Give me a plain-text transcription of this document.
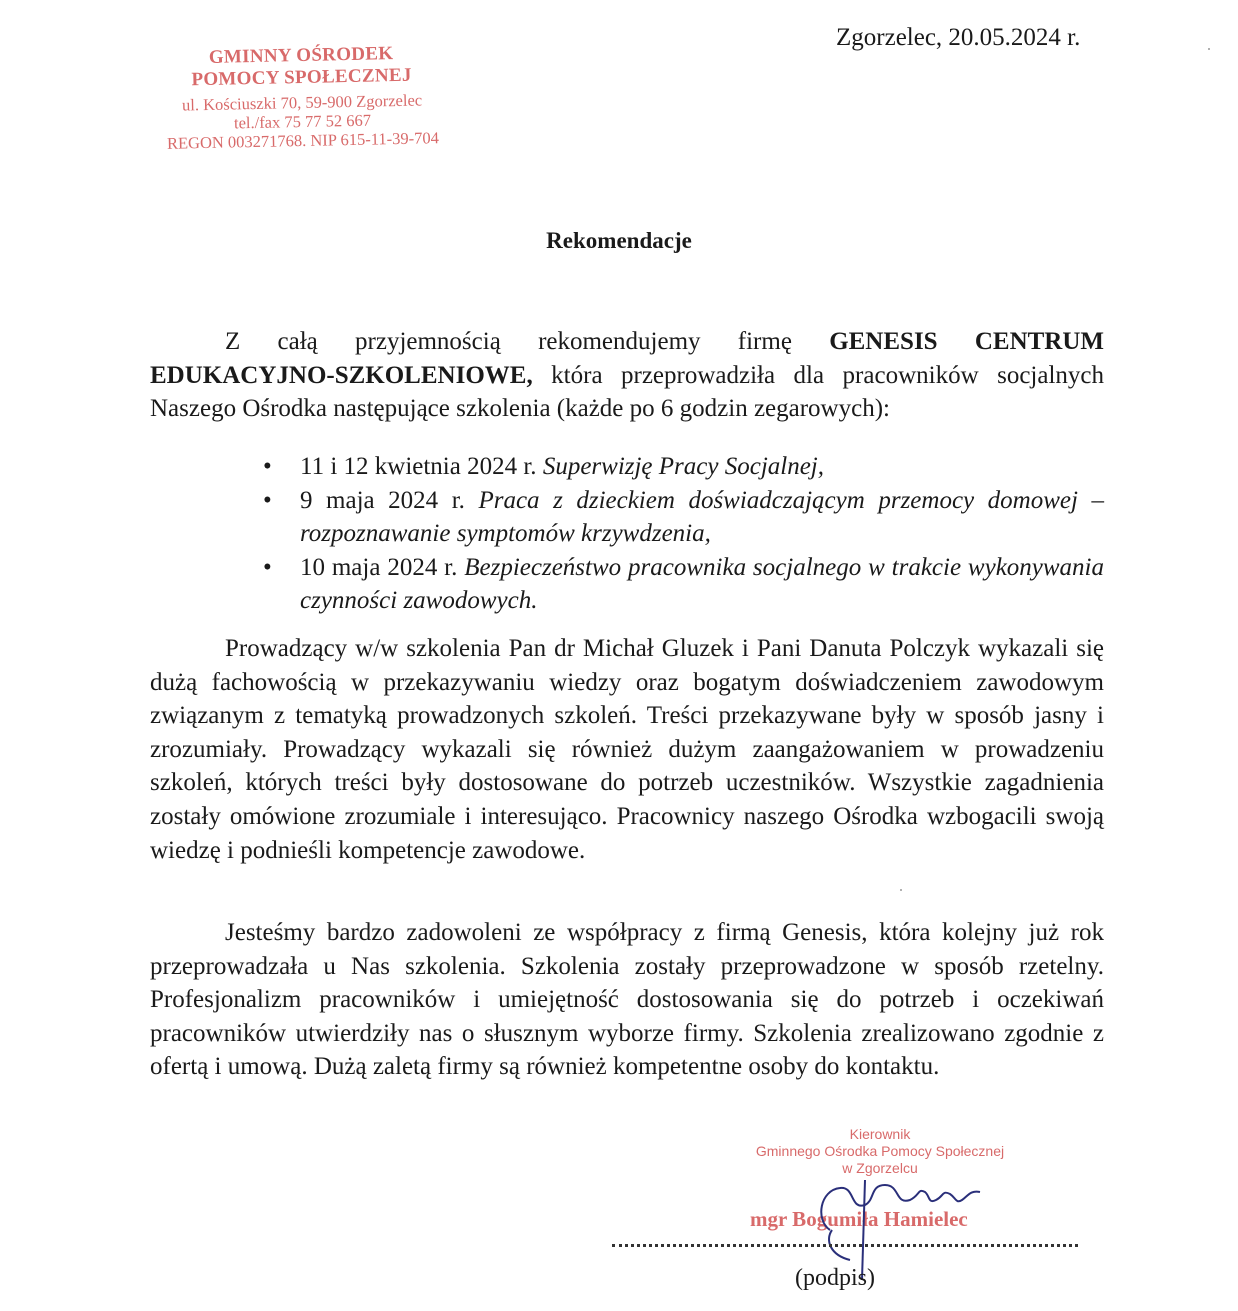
GMINNY OŚRODEK
POMOCY SPOŁECZNEJ
ul. Kościuszki 70, 59-900 Zgorzelec
tel./fax 75 77 52 667
REGON 003271768. NIP 615-11-39-704
Zgorzelec, 20.05.2024 r.
Rekomendacje
Z całą przyjemnością rekomendujemy firmę GENESIS CENTRUM EDUKACYJNO-SZKOLENIOWE, która przeprowadziła dla pracowników socjalnych Naszego Ośrodka następujące szkolenia (każde po 6 godzin zegarowych):
• 11 i 12 kwietnia 2024 r. Superwizję Pracy Socjalnej,
• 9 maja 2024 r. Praca z dzieckiem doświadczającym przemocy domowej – rozpoznawanie symptomów krzywdzenia,
• 10 maja 2024 r. Bezpieczeństwo pracownika socjalnego w trakcie wykonywania czynności zawodowych.
Prowadzący w/w szkolenia Pan dr Michał Gluzek i Pani Danuta Polczyk wykazali się dużą fachowością w przekazywaniu wiedzy oraz bogatym doświadczeniem zawodowym związanym z tematyką prowadzonych szkoleń. Treści przekazywane były w sposób jasny i zrozumiały. Prowadzący wykazali się również dużym zaangażowaniem w prowadzeniu szkoleń, których treści były dostosowane do potrzeb uczestników. Wszystkie zagadnienia zostały omówione zrozumiale i interesująco. Pracownicy naszego Ośrodka wzbogacili swoją wiedzę i podnieśli kompetencje zawodowe.
Jesteśmy bardzo zadowoleni ze współpracy z firmą Genesis, która kolejny już rok przeprowadzała u Nas szkolenia. Szkolenia zostały przeprowadzone w sposób rzetelny. Profesjonalizm pracowników i umiejętność dostosowania się do potrzeb i oczekiwań pracowników utwierdziły nas o słusznym wyborze firmy. Szkolenia zrealizowano zgodnie z ofertą i umową. Dużą zaletą firmy są również kompetentne osoby do kontaktu.
Kierownik
Gminnego Ośrodka Pomocy Społecznej
w Zgorzelcu
mgr Bogumiła Hamielec
(podpis)
